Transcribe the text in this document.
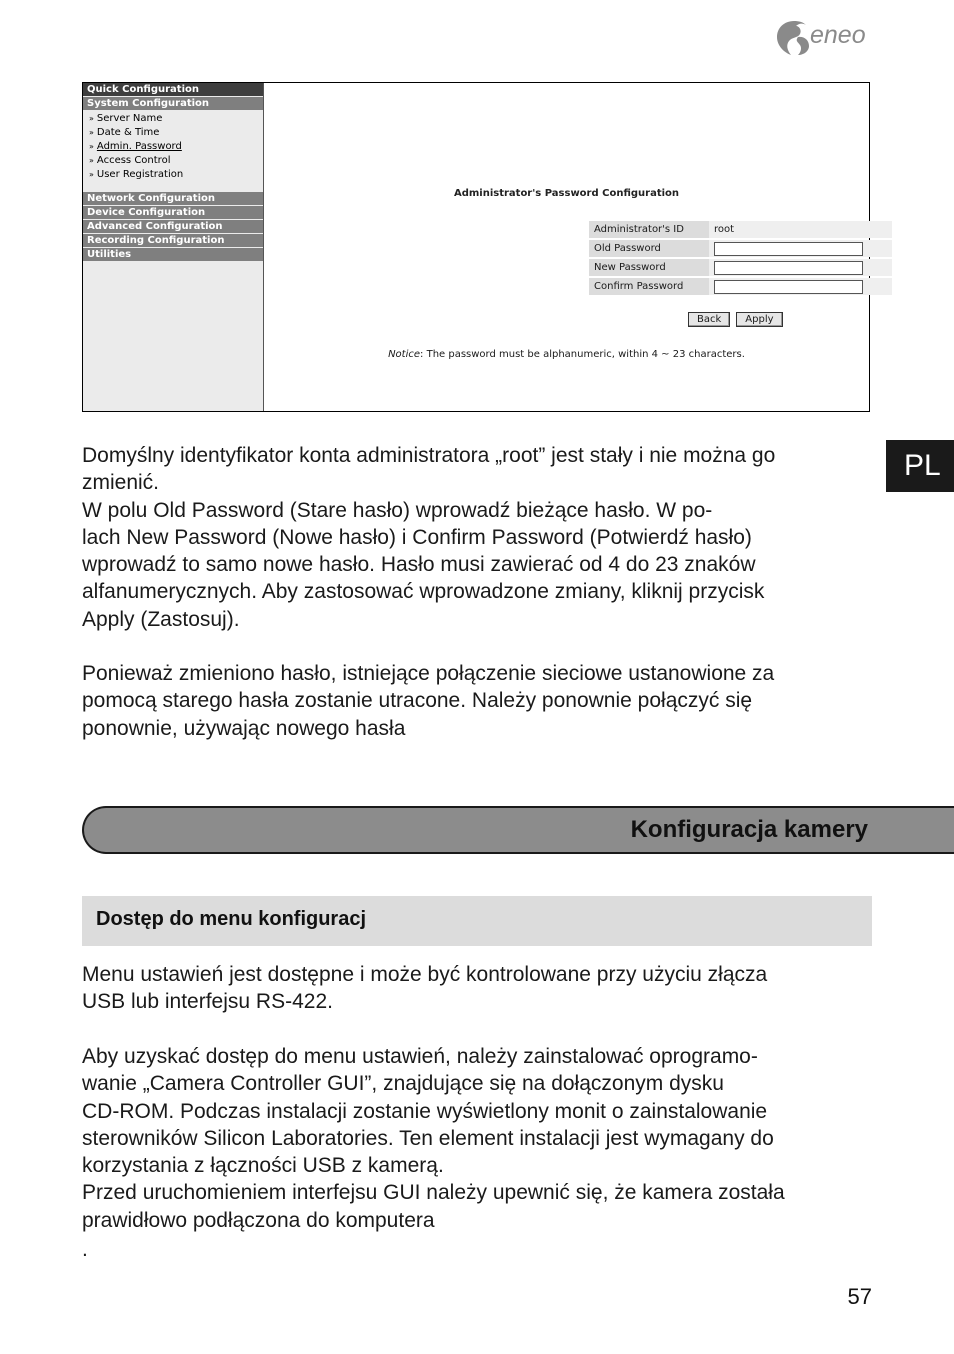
eneo
Quick Configuration
System Configuration
» Server Name
» Date & Time
» Admin. Password
» Access Control
» User Registration
Network Configuration
Device Configuration
Advanced Configuration
Recording Configuration
Utilities
Administrator's Password Configuration
Administrator's ID	root
Old Password
New Password
Confirm Password
Back	Apply
Notice: The password must be alphanumeric, within 4 ~ 23 characters.
PL
Domyślny identyfikator konta administratora „root” jest stały i nie można go
zmienić.
W polu Old Password (Stare hasło) wprowadź bieżące hasło. W po-
lach New Password (Nowe hasło) i Confirm Password (Potwierdź hasło)
wprowadź to samo nowe hasło. Hasło musi zawierać od 4 do 23 znaków
alfanumerycznych. Aby zastosować wprowadzone zmiany, kliknij przycisk
Apply (Zastosuj).
Ponieważ zmieniono hasło, istniejące połączenie sieciowe ustanowione za
pomocą starego hasła zostanie utracone. Należy ponownie połączyć się
ponownie, używając nowego hasła
Konfiguracja kamery
Dostęp do menu konfiguracj
Menu ustawień jest dostępne i może być kontrolowane przy użyciu złącza
USB lub interfejsu RS-422.
Aby uzyskać dostęp do menu ustawień, należy zainstalować oprogramo-
wanie „Camera Controller GUI”, znajdujące się na dołączonym dysku
CD-ROM. Podczas instalacji zostanie wyświetlony monit o zainstalowanie
sterowników Silicon Laboratories. Ten element instalacji jest wymagany do
korzystania z łączności USB z kamerą.
Przed uruchomieniem interfejsu GUI należy upewnić się, że kamera została
prawidłowo podłączona do komputera
.
57
